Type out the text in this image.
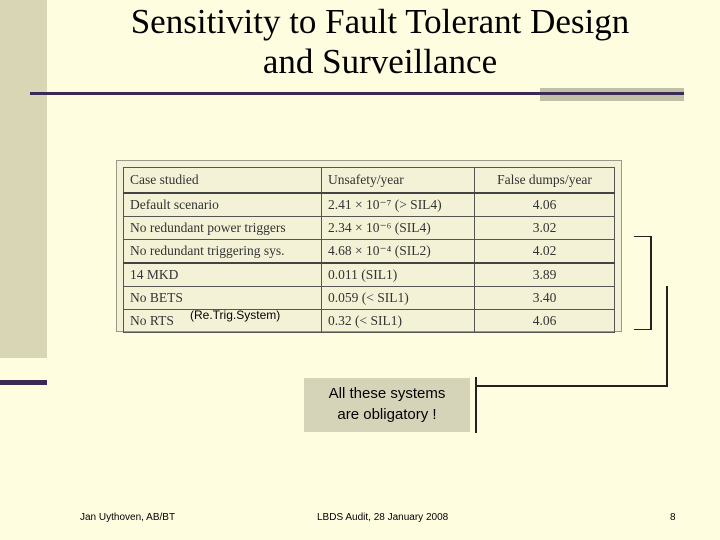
Sensitivity to Fault Tolerant Design
and Surveillance
Case studied	Unsafety/year	False dumps/year
Default scenario	2.41 × 10⁻⁷ (> SIL4)	4.06
No redundant power triggers	2.34 × 10⁻⁶ (SIL4)	3.02
No redundant triggering sys.	4.68 × 10⁻⁴ (SIL2)	4.02
14 MKD	0.011 (SIL1)	3.89
No BETS	0.059 (< SIL1)	3.40
No RTS	0.32 (< SIL1)	4.06
(Re.Trig.System)
All these systems
are obligatory !
Jan Uythoven, AB/BT	LBDS Audit, 28 January 2008	8
